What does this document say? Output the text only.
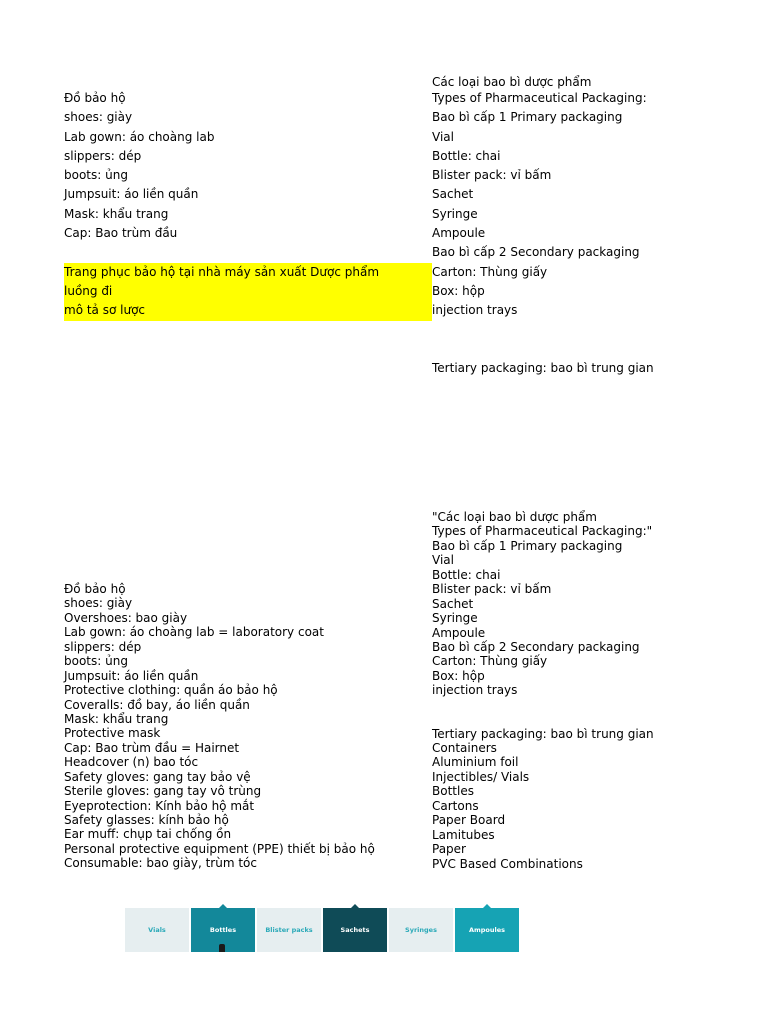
Đồ bảo hộ
shoes: giày
Lab gown: áo choàng lab
slippers: dép
boots: ủng
Jumpsuit: áo liền quần
Mask: khẩu trang
Cap: Bao trùm đầu
Trang phục bảo hộ tại nhà máy sản xuất Dược phẩm
luồng đi
mô tả sơ lược
Các loại bao bì dược phẩm
Types of Pharmaceutical Packaging:
Bao bì cấp 1 Primary packaging
Vial
Bottle: chai
Blister pack: vỉ bấm
Sachet
Syringe
Ampoule
Bao bì cấp 2 Secondary packaging
Carton: Thùng giấy
Box: hộp
injection trays
Tertiary packaging: bao bì trung gian
Đồ bảo hộ
shoes: giày
Overshoes: bao giày
Lab gown: áo choàng lab = laboratory coat
slippers: dép
boots: ủng
Jumpsuit: áo liền quần
Protective clothing: quần áo bảo hộ
Coveralls: đồ bay, áo liền quần
Mask: khẩu trang
Protective mask
Cap: Bao trùm đầu = Hairnet
Headcover (n) bao tóc
Safety gloves: gang tay bảo vệ
Sterile gloves: gang tay vô trùng
Eyeprotection: Kính bảo hộ mắt
Safety glasses: kính bảo hộ
Ear muff: chụp tai chống ồn
Personal protective equipment (PPE) thiết bị bảo hộ
Consumable: bao giày, trùm tóc
"Các loại bao bì dược phẩm
Types of Pharmaceutical Packaging:"
Bao bì cấp 1 Primary packaging
Vial
Bottle: chai
Blister pack: vỉ bấm
Sachet
Syringe
Ampoule
Bao bì cấp 2 Secondary packaging
Carton: Thùng giấy
Box: hộp
injection trays
Tertiary packaging: bao bì trung gian
Containers
Aluminium foil
Injectibles/ Vials
Bottles
Cartons
Paper Board
Lamitubes
Paper
PVC Based Combinations
Vials	Bottles	Blister packs	Sachets	Syringes	Ampoules
